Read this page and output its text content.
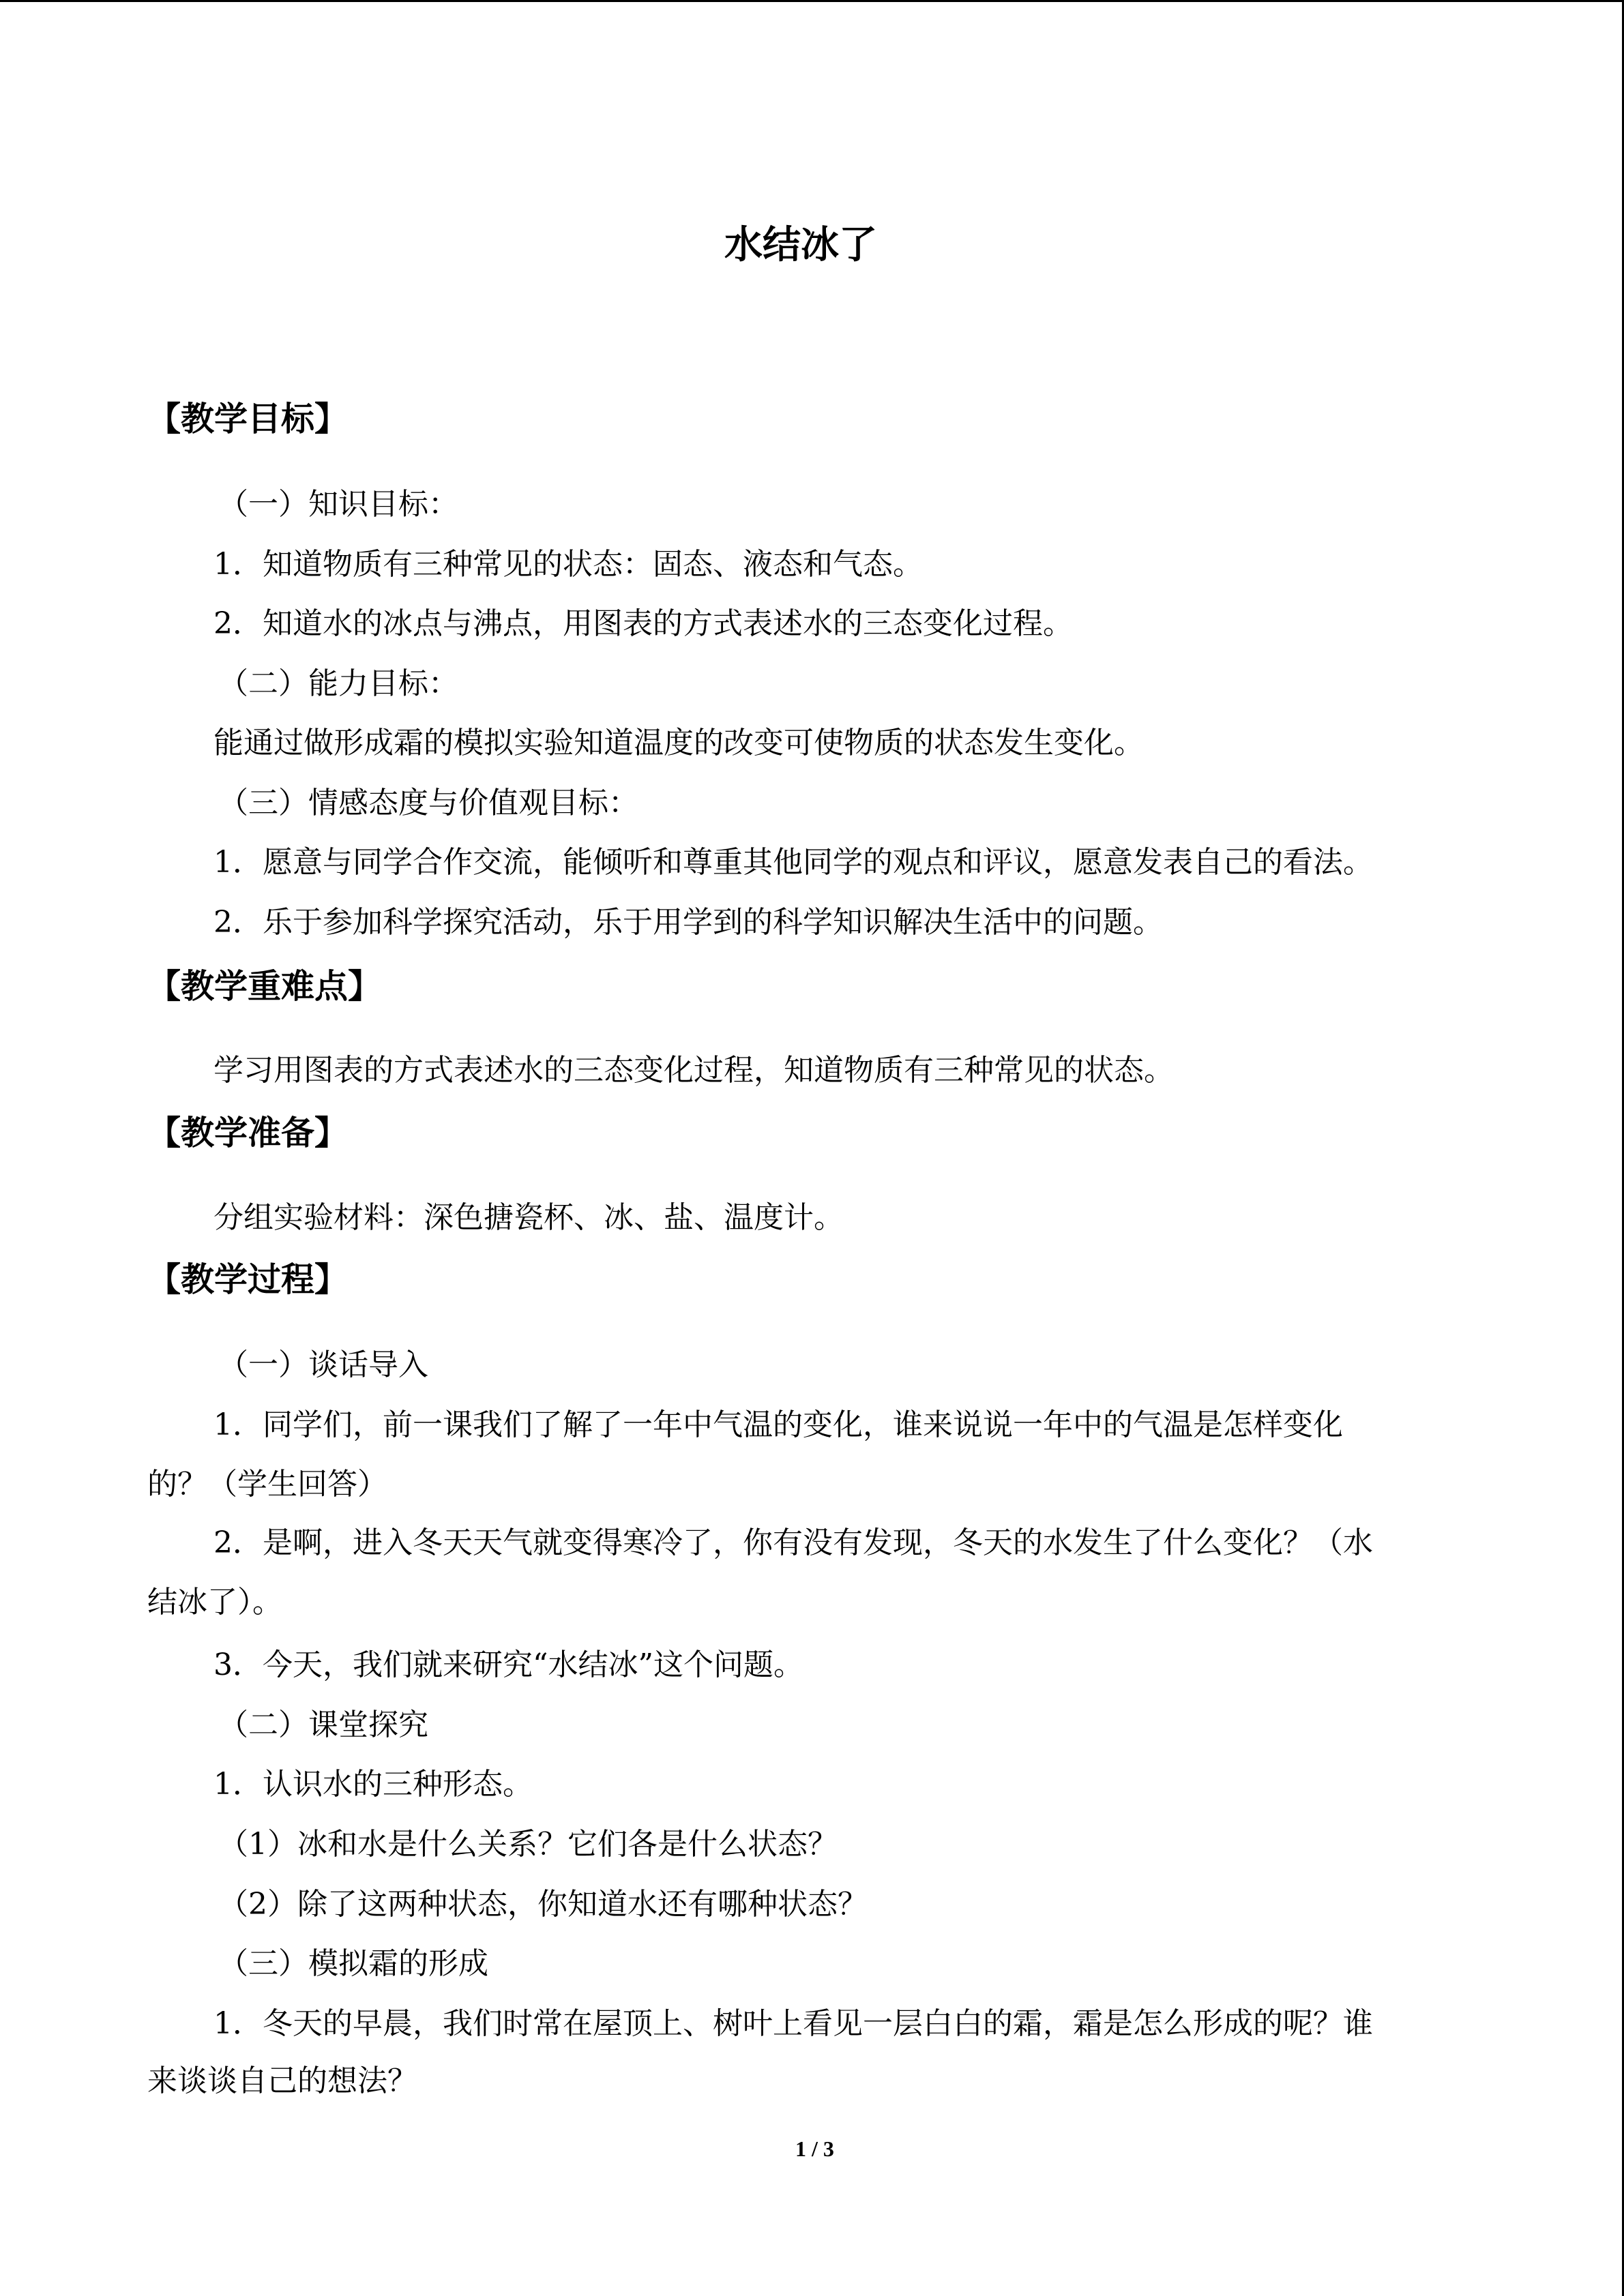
水结冰了
【教学目标】
（一）知识目标：
1．知道物质有三种常见的状态：固态、液态和气态。
2．知道水的冰点与沸点，用图表的方式表述水的三态变化过程。
（二）能力目标：
能通过做形成霜的模拟实验知道温度的改变可使物质的状态发生变化。
（三）情感态度与价值观目标：
1．愿意与同学合作交流，能倾听和尊重其他同学的观点和评议，愿意发表自己的看法。
2．乐于参加科学探究活动，乐于用学到的科学知识解决生活中的问题。
【教学重难点】
学习用图表的方式表述水的三态变化过程，知道物质有三种常见的状态。
【教学准备】
分组实验材料：深色搪瓷杯、冰、盐、温度计。
【教学过程】
（一）谈话导入
1．同学们，前一课我们了解了一年中气温的变化，谁来说说一年中的气温是怎样变化
的？（学生回答）
2．是啊，进入冬天天气就变得寒冷了，你有没有发现，冬天的水发生了什么变化？（水
结冰了）。
3．今天，我们就来研究“水结冰”这个问题。
（二）课堂探究
1．认识水的三种形态。
（1）冰和水是什么关系？它们各是什么状态？
（2）除了这两种状态，你知道水还有哪种状态？
（三）模拟霜的形成
1．冬天的早晨，我们时常在屋顶上、树叶上看见一层白白的霜，霜是怎么形成的呢？谁
来谈谈自己的想法？
1 / 3
